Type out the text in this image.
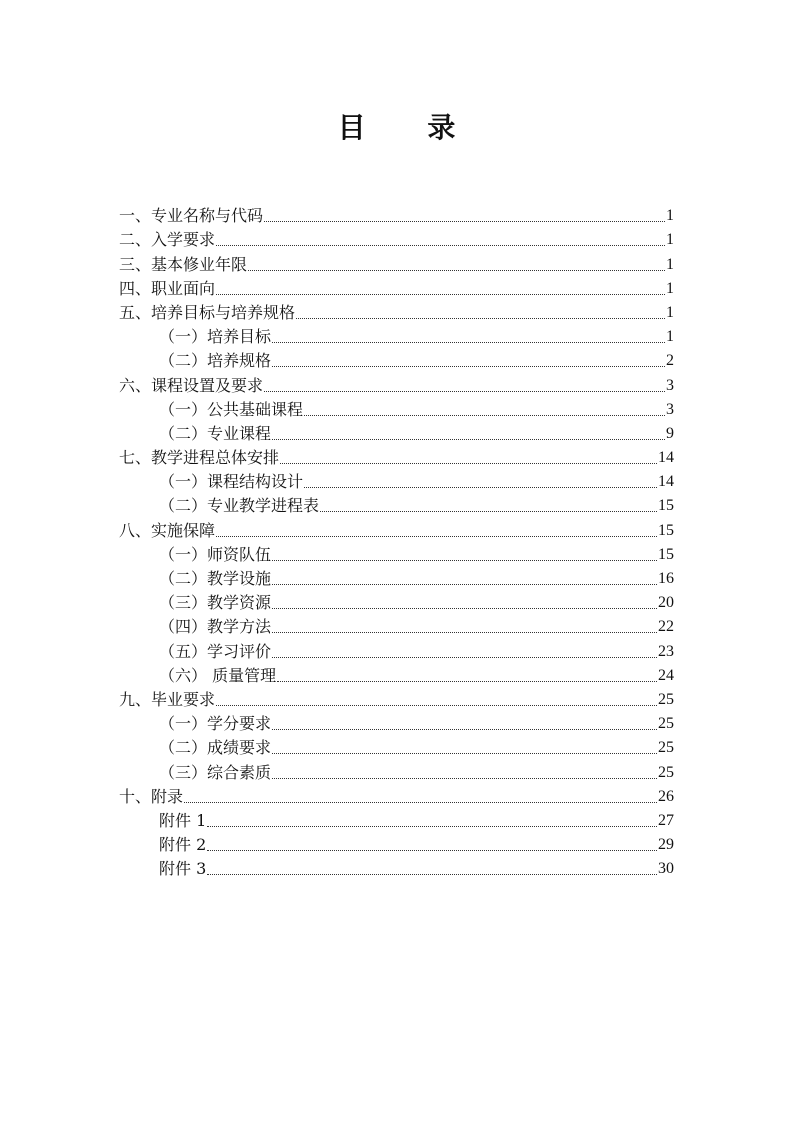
目 录
一、专业名称与代码	1
二、入学要求	1
三、基本修业年限	1
四、职业面向	1
五、培养目标与培养规格	1
（一）培养目标	1
（二）培养规格	2
六、课程设置及要求	3
（一）公共基础课程	3
（二）专业课程	9
七、教学进程总体安排	14
（一）课程结构设计	14
（二）专业教学进程表	15
八、实施保障	15
（一）师资队伍	15
（二）教学设施	16
（三）教学资源	20
（四）教学方法	22
（五）学习评价	23
（六） 质量管理	24
九、毕业要求	25
（一）学分要求	25
（二）成绩要求	25
（三）综合素质	25
十、附录	26
附件 1	27
附件 2	29
附件 3	30
